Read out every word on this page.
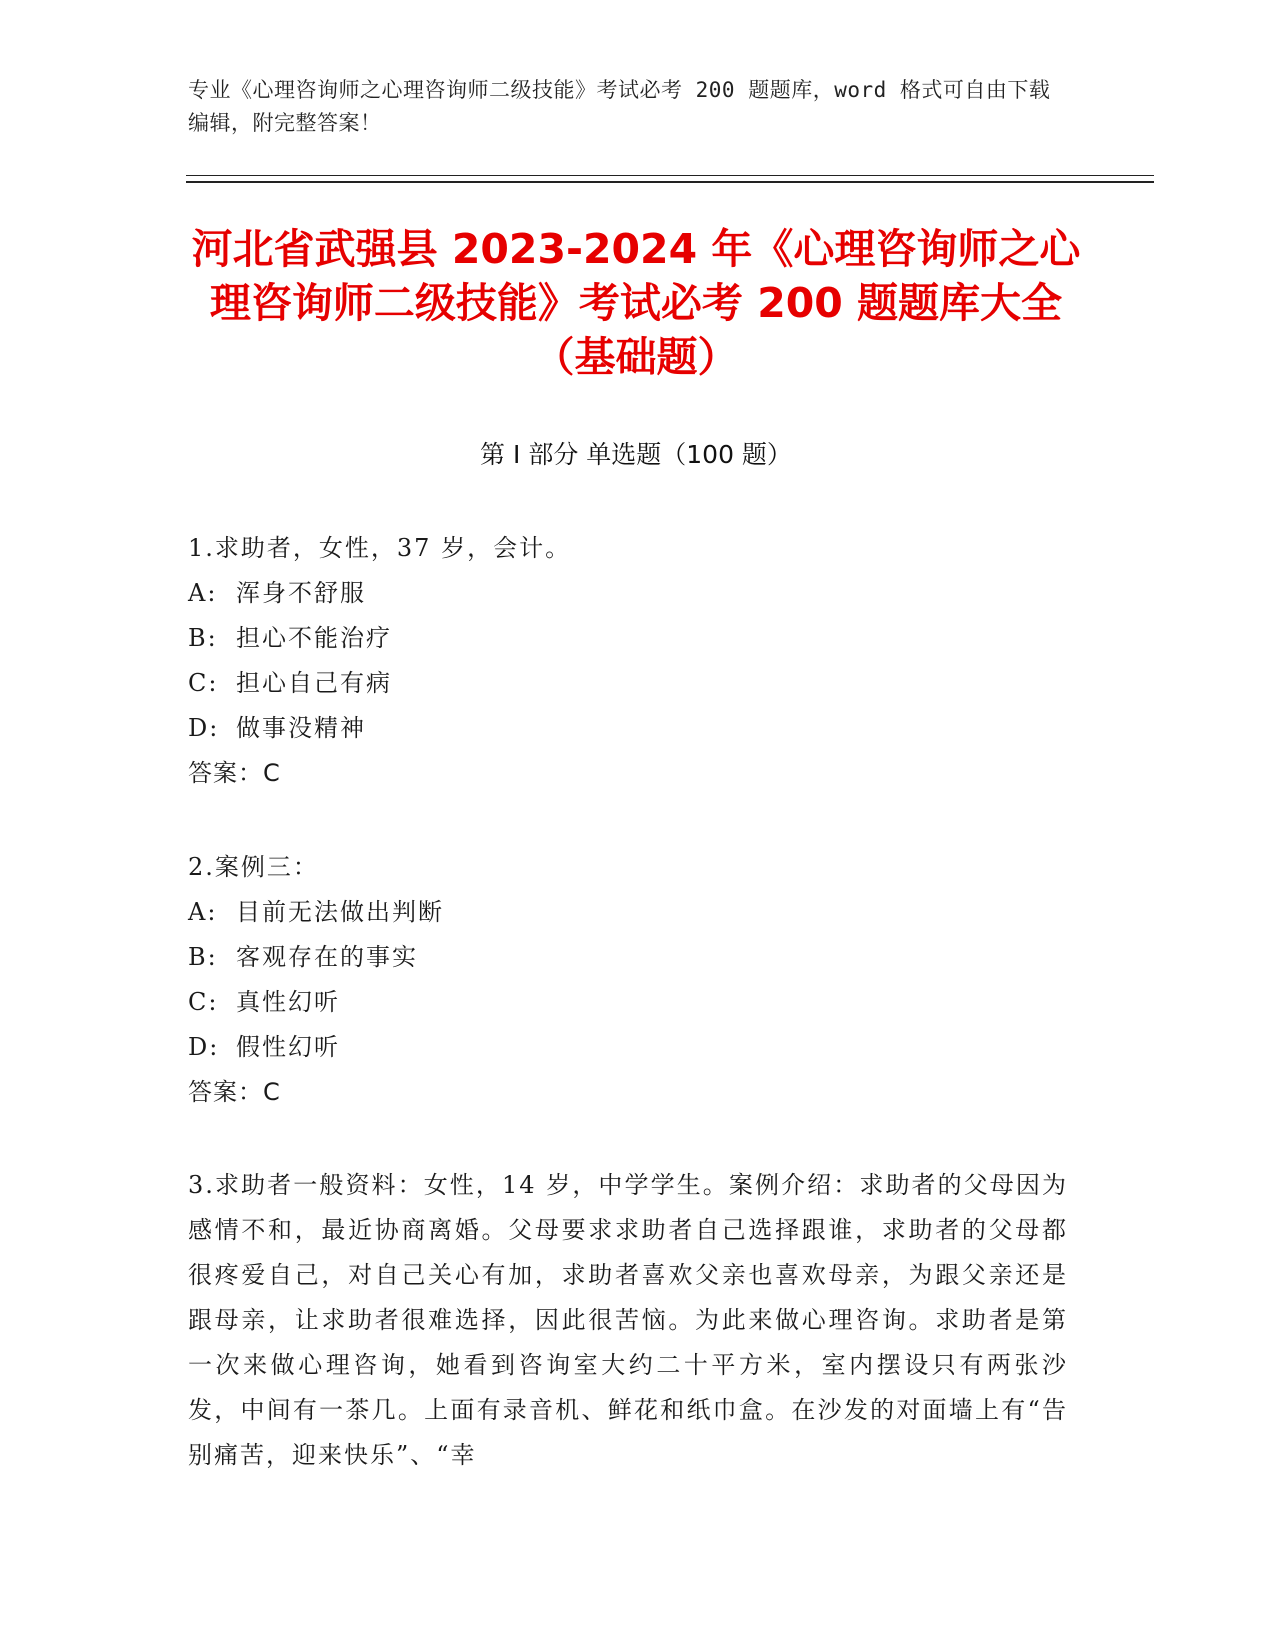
专业《心理咨询师之心理咨询师二级技能》考试必考 200 题题库，word 格式可自由下载编辑，附完整答案！
河北省武强县 2023-2024 年《心理咨询师之心理咨询师二级技能》考试必考 200 题题库大全（基础题）
第 I 部分 单选题（100 题）

1.求助者，女性，37 岁，会计。

A: 浑身不舒服

B: 担心不能治疗

C: 担心自己有病

D: 做事没精神

答案：C

2.案例三：

A: 目前无法做出判断

B: 客观存在的事实

C: 真性幻听

D: 假性幻听

答案：C

3.求助者一般资料：女性，14 岁，中学学生。案例介绍：求助者的父母因为感情不和，最近协商离婚。父母要求求助者自己选择跟谁，求助者的父母都很疼爱自己，对自己关心有加，求助者喜欢父亲也喜欢母亲，为跟父亲还是跟母亲，让求助者很难选择，因此很苦恼。为此来做心理咨询。求助者是第一次来做心理咨询，她看到咨询室大约二十平方米，室内摆设只有两张沙发，中间有一茶几。上面有录音机、鲜花和纸巾盒。在沙发的对面墙上有“告别痛苦，迎来快乐”、“幸
